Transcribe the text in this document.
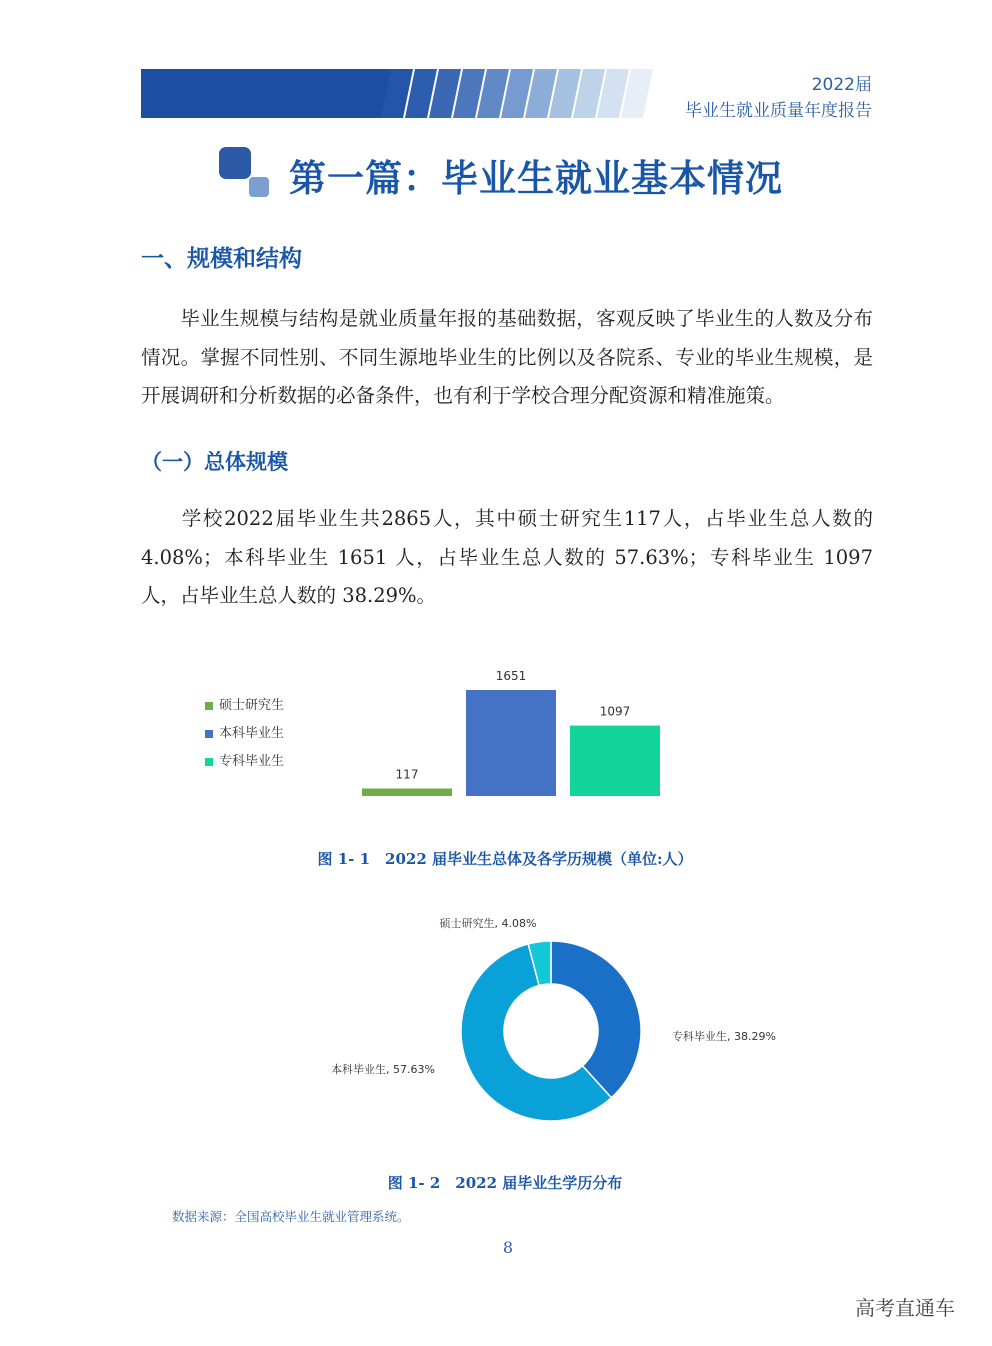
2022届
毕业生就业质量年度报告
第一篇：毕业生就业基本情况
一、规模和结构
毕业生规模与结构是就业质量年报的基础数据，客观反映了毕业生的人数及分布情况。掌握不同性别、不同生源地毕业生的比例以及各院系、专业的毕业生规模，是开展调研和分析数据的必备条件，也有利于学校合理分配资源和精准施策。
（一）总体规模
学校2022届毕业生共2865人，其中硕士研究生117人，占毕业生总人数的4.08%；本科毕业生 1651 人，占毕业生总人数的 57.63%；专科毕业生 1097 人，占毕业生总人数的 38.29%。
硕士研究生
本科毕业生
专科毕业生
117
1651
1097
图 1- 1　2022 届毕业生总体及各学历规模（单位:人）
专科毕业生, 38.29%
本科毕业生, 57.63%
硕士研究生, 4.08%
图 1- 2　2022 届毕业生学历分布
数据来源：全国高校毕业生就业管理系统。
8
高考直通车
